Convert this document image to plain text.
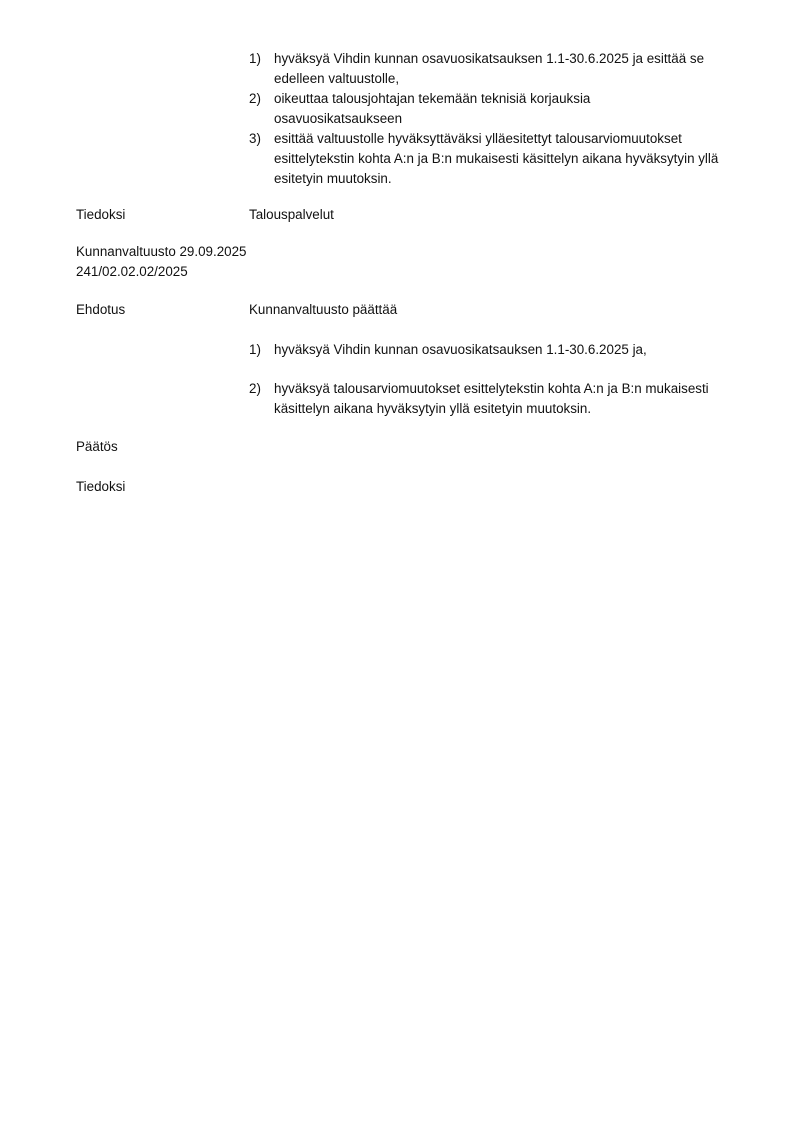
1) hyväksyä Vihdin kunnan osavuosikatsauksen 1.1-30.6.2025 ja esittää se edelleen valtuustolle,
2) oikeuttaa talousjohtajan tekemään teknisiä korjauksia osavuosikatsaukseen
3) esittää valtuustolle hyväksyttäväksi ylläesitettyt talousarviomuutokset esittelytekstin kohta A:n ja B:n mukaisesti käsittelyn aikana hyväksytyin yllä esitetyin muutoksin.
Tiedoksi	Talouspalvelut
Kunnanvaltuusto 29.09.2025
241/02.02.02/2025
Ehdotus	Kunnanvaltuusto päättää
1) hyväksyä Vihdin kunnan osavuosikatsauksen 1.1-30.6.2025 ja,
2) hyväksyä talousarviomuutokset esittelytekstin kohta A:n ja B:n mukaisesti käsittelyn aikana hyväksytyin yllä esitetyin muutoksin.
Päätös
Tiedoksi
